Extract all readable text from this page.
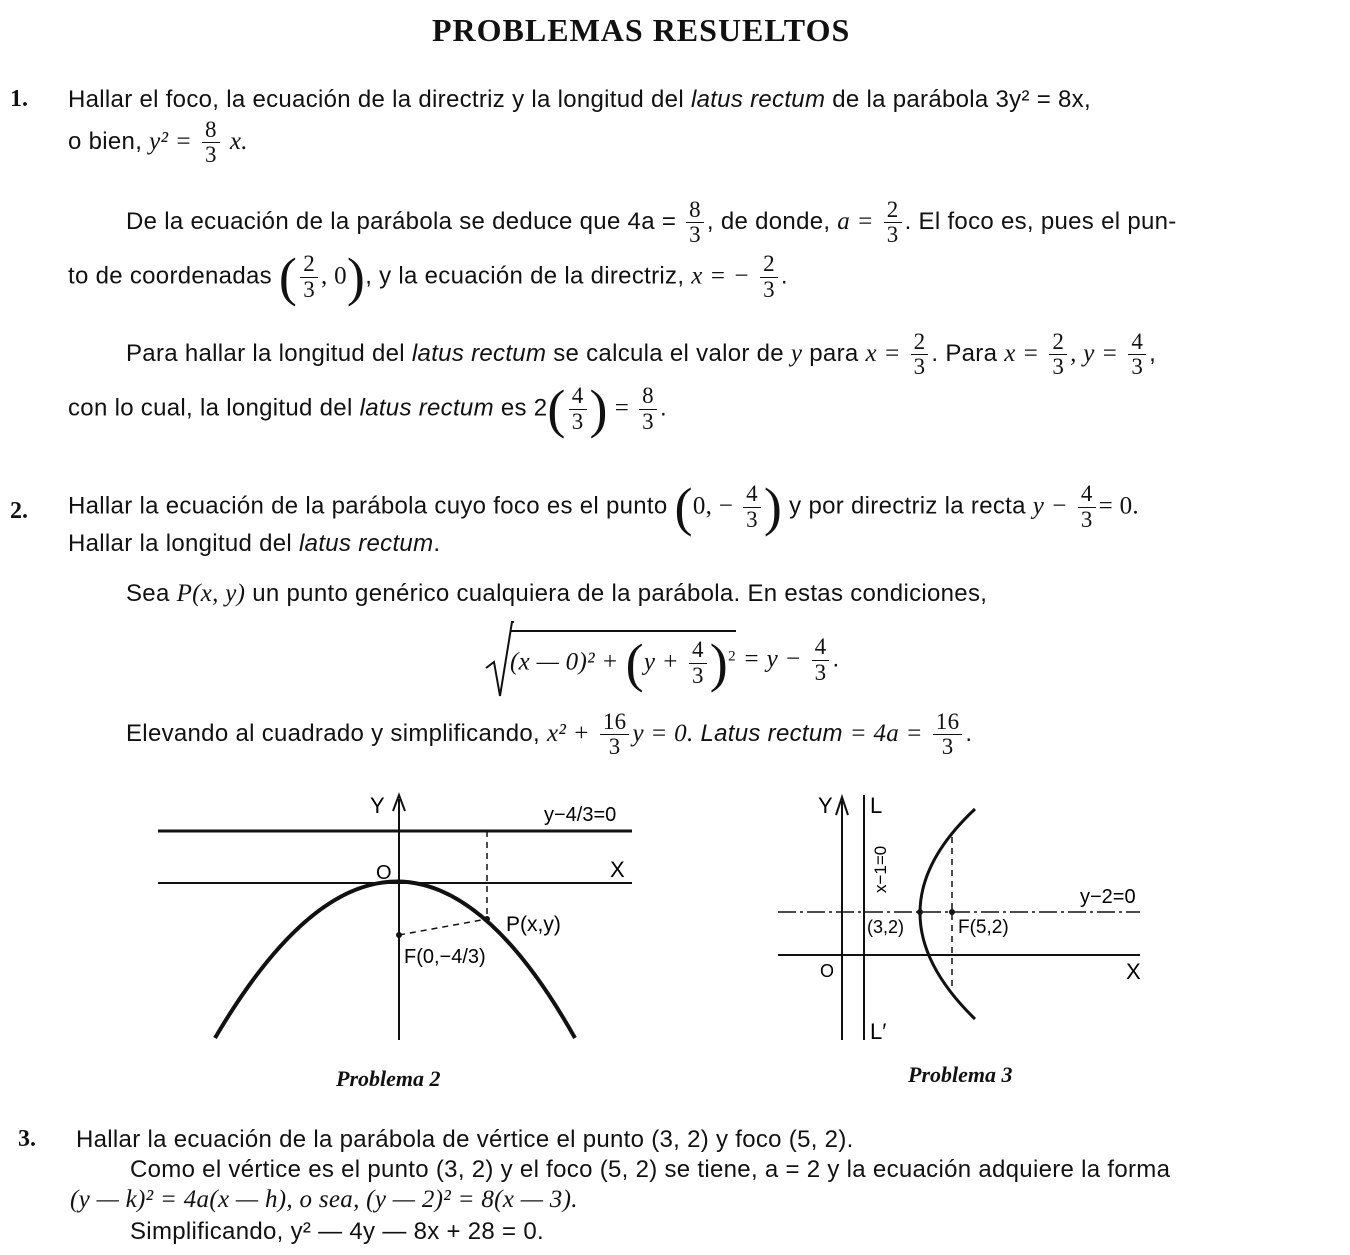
PROBLEMAS RESUELTOS
1. Hallar el foco, la ecuación de la directriz y la longitud del latus rectum de la parábola 3y² = 8x,
o bien, $y^2 = \frac{8}{3} x$.
De la ecuación de la parábola se deduce que $4a = \frac{8}{3}$ , de donde, $a = \frac{2}{3}$ . El foco es, pues el pun-
to de coordenadas ( $\frac{2}{3}$ , 0), y la ecuación de la directriz, x = − $\frac{2}{3}$ .
Para hallar la longitud del latus rectum se calcula el valor de y para $x = \frac{2}{3}$ . Para $x = \frac{2}{3}$ , $y = \frac{4}{3}$ ,
con lo cual, la longitud del latus rectum es $2( \frac{4}{3}$ ) = $\frac{8}{3}$ .
2. Hallar la ecuación de la parábola cuyo foco es el punto (0, − $\frac{4}{3}$ ) y por directriz la recta $y - \frac{4}{3} = 0$.
Hallar la longitud del latus rectum.
Sea P(x, y) un punto genérico cualquiera de la parábola. En estas condiciones,
(x — $0)^2 + (y + \frac{4}{3} )^2 = y - \frac{4}{3}$ .
Elevando al cuadrado y simplificando, $x^2 + \frac{16}{3}$ y = 0. Latus rectum = $4a = \frac{16}{3}$ .
Y
X
O
y−4/3=0
P(x,y)
F(0,−4/3)
Problema 2
Y L
L′
X
O
y−2=0
(3,2)	F(5,2)
x−1=0
Problema 3
3. Hallar la ecuación de la parábola de vértice el punto (3, 2) y foco (5, 2).
Como el vértice es el punto (3, 2) y el foco (5, 2) se tiene, a = 2 y la ecuación adquiere la forma
(y — k)² = 4a(x — h), o sea, (y — 2)² = 8(x — 3).
Simplificando, y² — 4y — 8x + 28 = 0.
